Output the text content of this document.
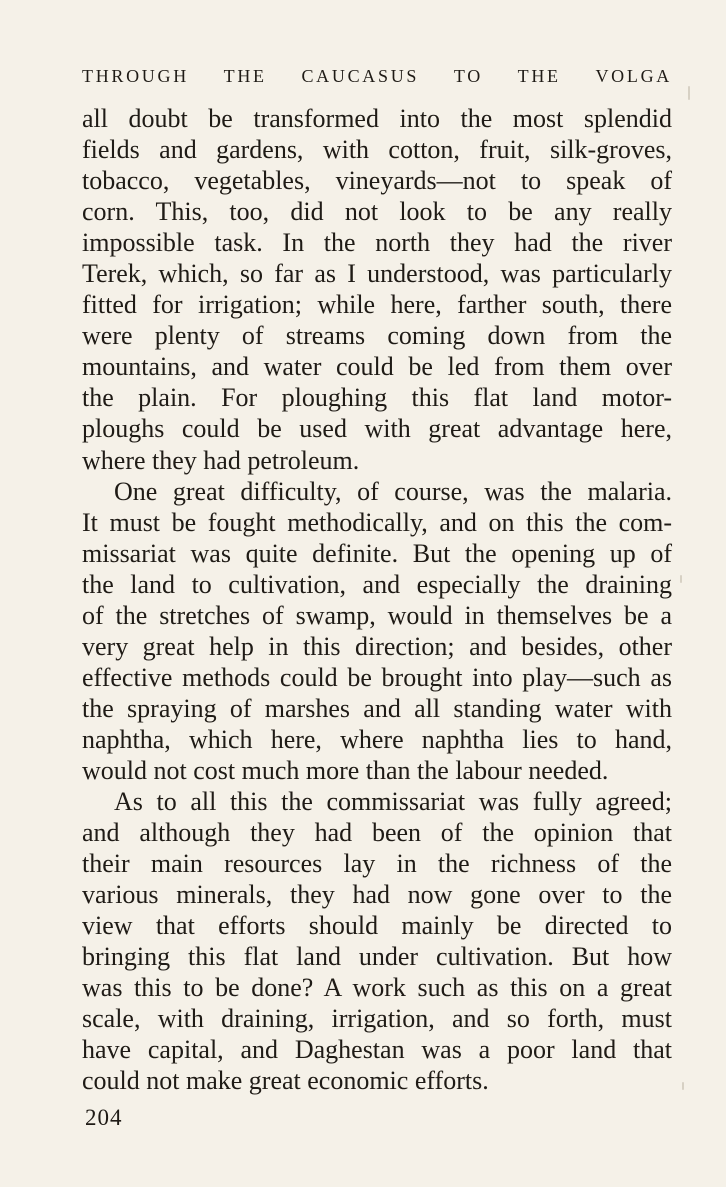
THROUGH THE CAUCASUS TO THE VOLGA
all doubt be transformed into the most splendid
fields and gardens, with cotton, fruit, silk-groves,
tobacco, vegetables, vineyards—not to speak of
corn. This, too, did not look to be any really
impossible task. In the north they had the river
Terek, which, so far as I understood, was particularly
fitted for irrigation; while here, farther south, there
were plenty of streams coming down from the
mountains, and water could be led from them over
the plain. For ploughing this flat land motor-
ploughs could be used with great advantage here,
where they had petroleum.
One great difficulty, of course, was the malaria.
It must be fought methodically, and on this the com-
missariat was quite definite. But the opening up of
the land to cultivation, and especially the draining
of the stretches of swamp, would in themselves be a
very great help in this direction; and besides, other
effective methods could be brought into play—such as
the spraying of marshes and all standing water with
naphtha, which here, where naphtha lies to hand,
would not cost much more than the labour needed.
As to all this the commissariat was fully agreed;
and although they had been of the opinion that
their main resources lay in the richness of the
various minerals, they had now gone over to the
view that efforts should mainly be directed to
bringing this flat land under cultivation. But how
was this to be done? A work such as this on a great
scale, with draining, irrigation, and so forth, must
have capital, and Daghestan was a poor land that
could not make great economic efforts.
204
